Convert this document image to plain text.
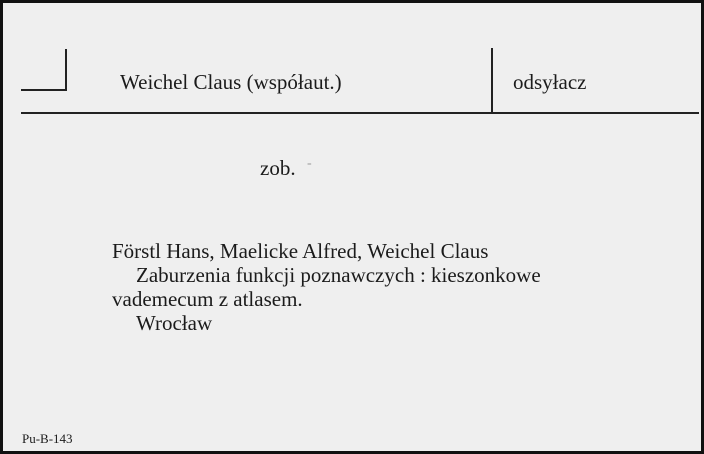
Weichel Claus (współaut.)	odsyłacz
zob. -
Förstl Hans, Maelicke Alfred, Weichel Claus
Zaburzenia funkcji poznawczych : kieszonkowe
vademecum z atlasem.
Wrocław
Pu-B-143
